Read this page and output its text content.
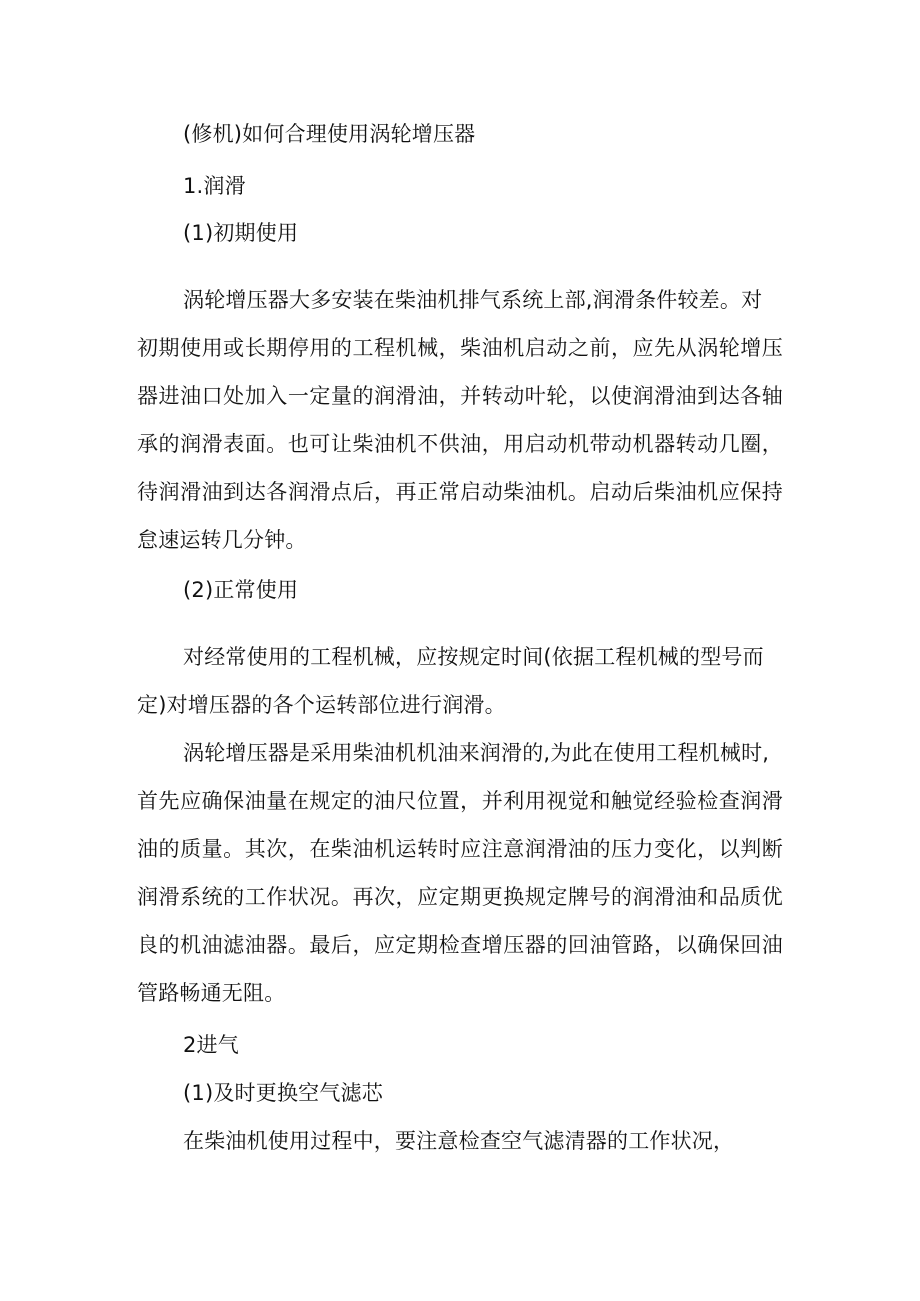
(修机)如何合理使用涡轮增压器
1.润滑
(1)初期使用
涡轮增压器大多安装在柴油机排气系统上部,润滑条件较差。对
初期使用或长期停用的工程机械，柴油机启动之前，应先从涡轮增压
器进油口处加入一定量的润滑油，并转动叶轮，以使润滑油到达各轴
承的润滑表面。也可让柴油机不供油，用启动机带动机器转动几圈，
待润滑油到达各润滑点后，再正常启动柴油机。启动后柴油机应保持
怠速运转几分钟。
(2)正常使用
对经常使用的工程机械，应按规定时间(依据工程机械的型号而
定)对增压器的各个运转部位进行润滑。
涡轮增压器是采用柴油机机油来润滑的,为此在使用工程机械时,
首先应确保油量在规定的油尺位置，并利用视觉和触觉经验检查润滑
油的质量。其次，在柴油机运转时应注意润滑油的压力变化，以判断
润滑系统的工作状况。再次，应定期更换规定牌号的润滑油和品质优
良的机油滤油器。最后，应定期检查增压器的回油管路，以确保回油
管路畅通无阻。
2进气
(1)及时更换空气滤芯
在柴油机使用过程中，要注意检查空气滤清器的工作状况，
